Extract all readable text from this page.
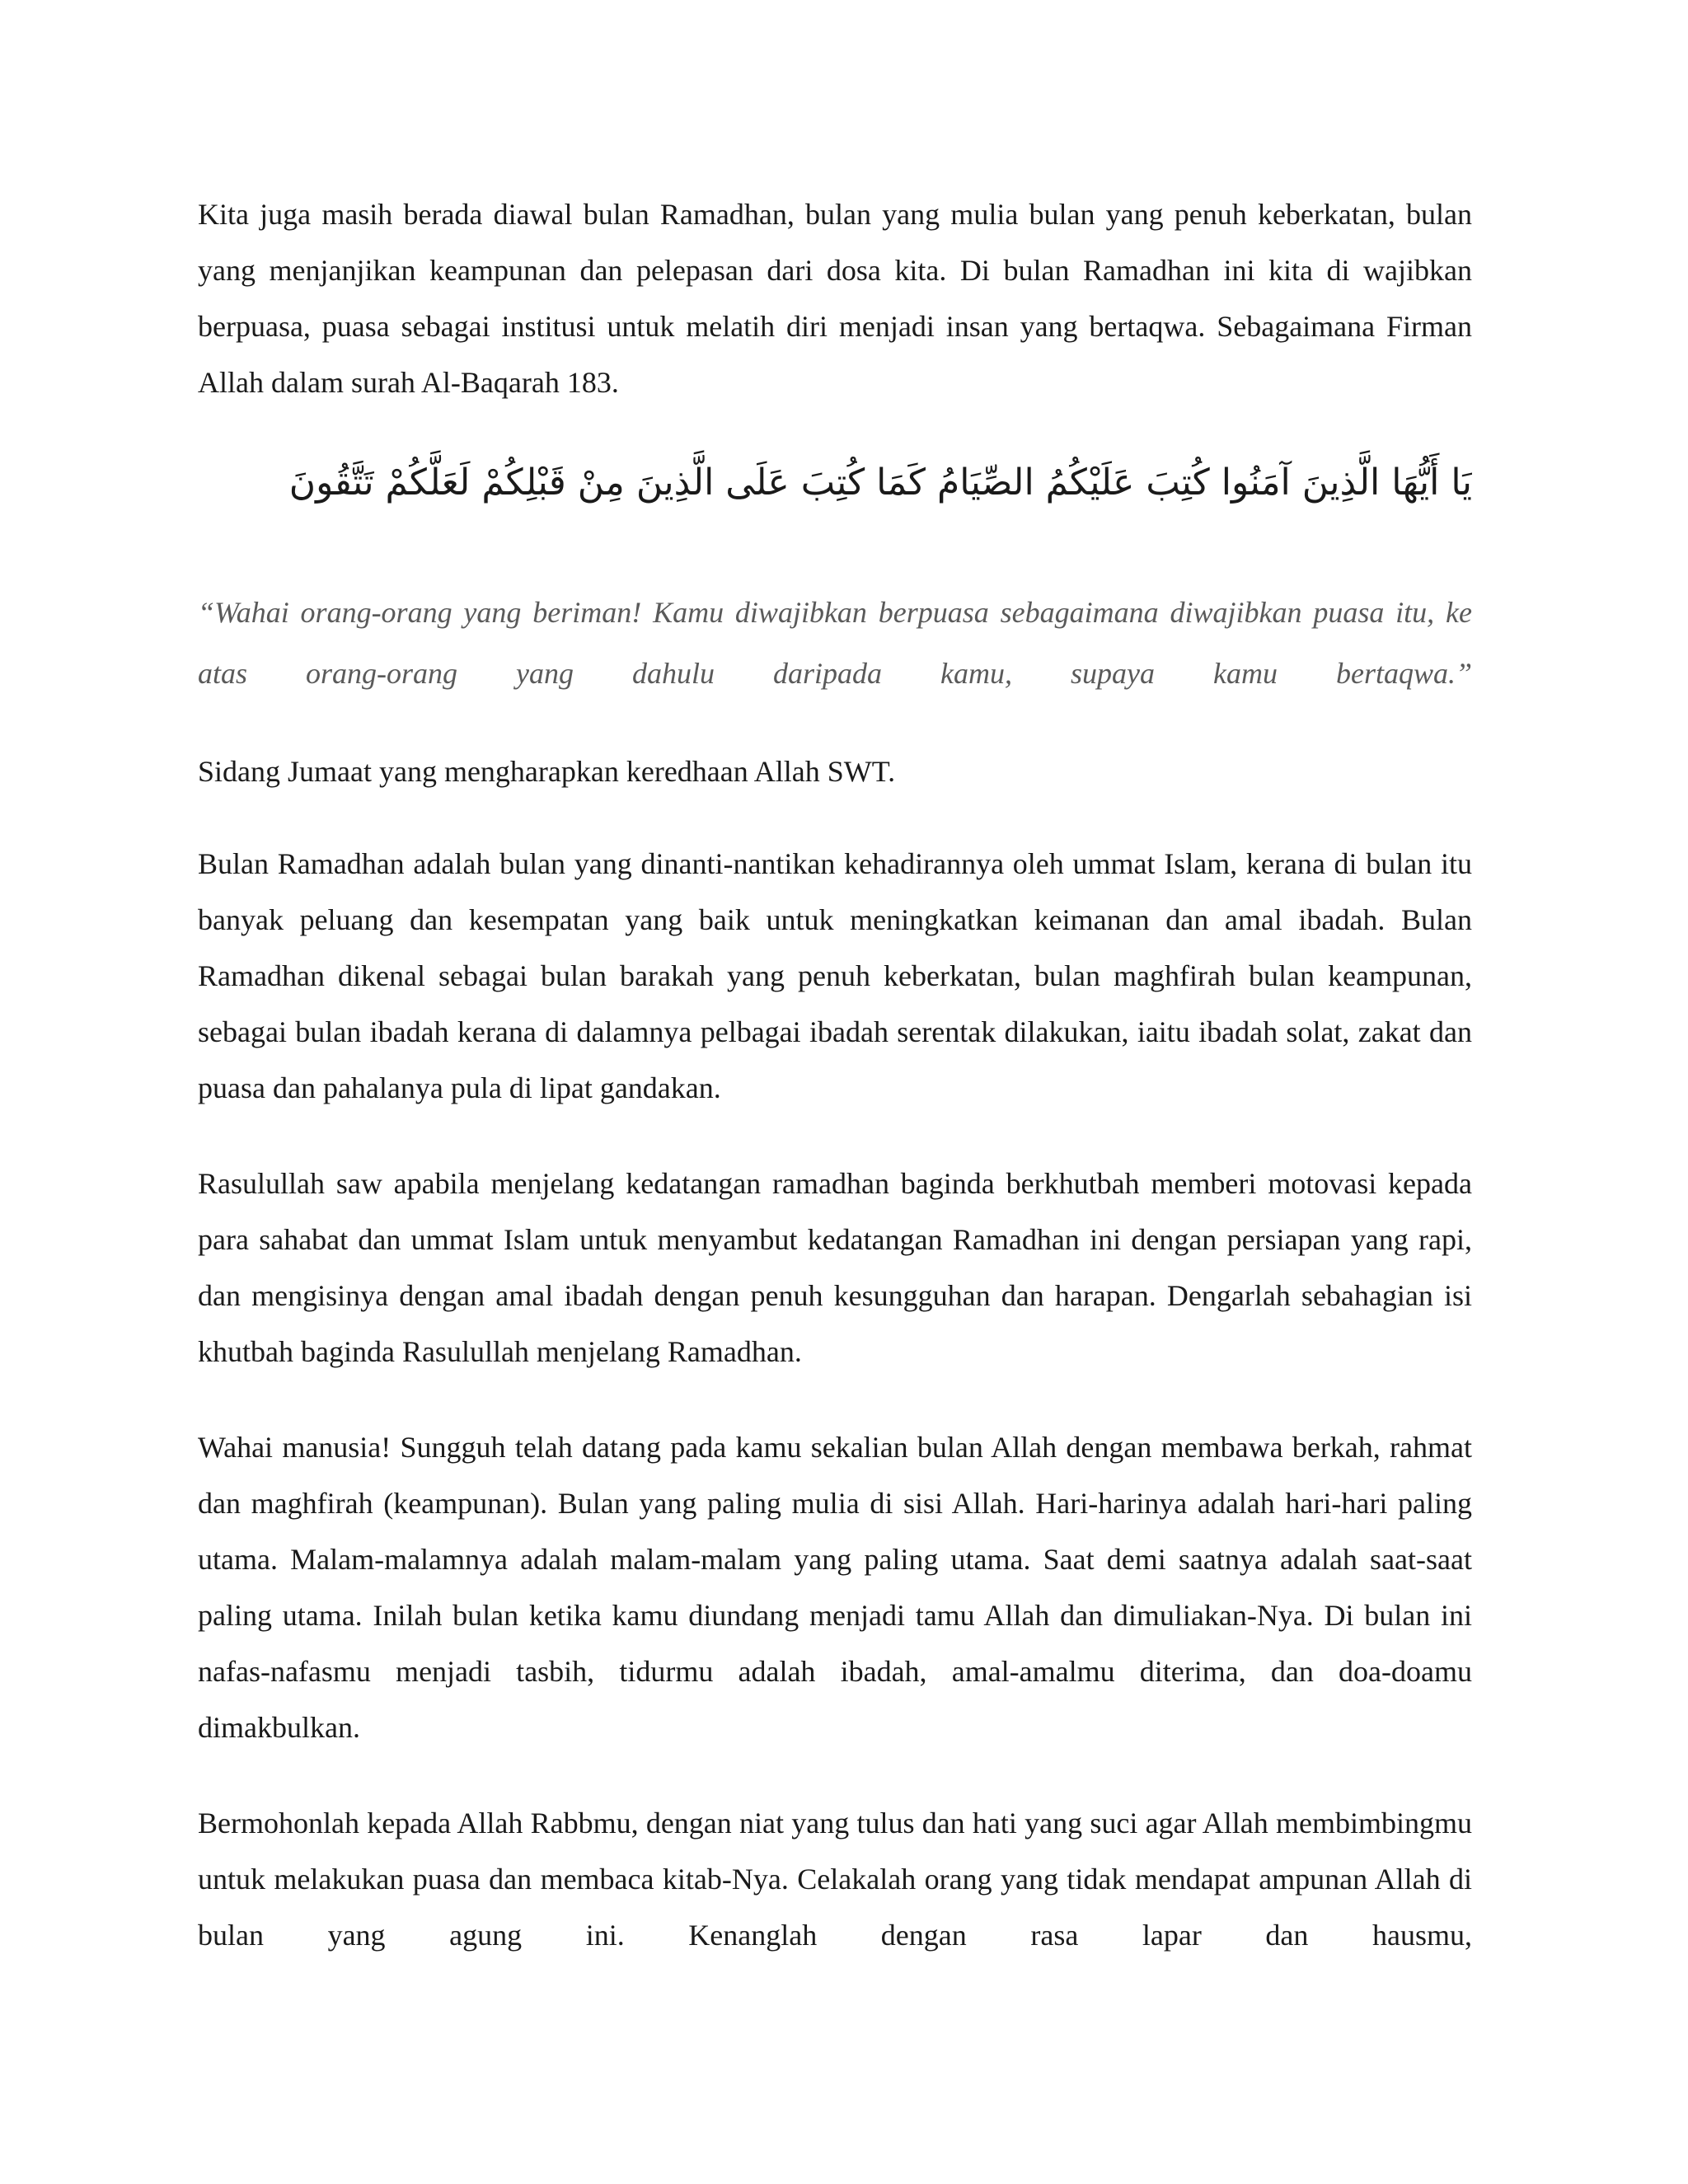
Kita juga masih berada diawal bulan Ramadhan, bulan yang mulia bulan yang penuh keberkatan, bulan yang menjanjikan keampunan dan pelepasan dari dosa kita. Di bulan Ramadhan ini kita di wajibkan berpuasa, puasa sebagai institusi untuk melatih diri menjadi insan yang bertaqwa. Sebagaimana Firman Allah dalam surah Al-Baqarah 183.

يَا أَيُّهَا الَّذِينَ آمَنُوا كُتِبَ عَلَيْكُمُ الصِّيَامُ كَمَا كُتِبَ عَلَى الَّذِينَ مِنْ قَبْلِكُمْ لَعَلَّكُمْ تَتَّقُونَ

“Wahai orang-orang yang beriman! Kamu diwajibkan berpuasa sebagaimana diwajibkan puasa itu, ke atas orang-orang yang dahulu daripada kamu, supaya kamu bertaqwa.”

Sidang Jumaat yang mengharapkan keredhaan Allah SWT.

Bulan Ramadhan adalah bulan yang dinanti-nantikan kehadirannya oleh ummat Islam, kerana di bulan itu banyak peluang dan kesempatan yang baik untuk meningkatkan keimanan dan amal ibadah. Bulan Ramadhan dikenal sebagai bulan barakah yang penuh keberkatan, bulan maghfirah bulan keampunan, sebagai bulan ibadah kerana di dalamnya pelbagai ibadah serentak dilakukan, iaitu ibadah solat, zakat dan puasa dan pahalanya pula di lipat gandakan.

Rasulullah saw apabila menjelang kedatangan ramadhan baginda berkhutbah memberi motovasi kepada para sahabat dan ummat Islam untuk menyambut kedatangan Ramadhan ini dengan persiapan yang rapi, dan mengisinya dengan amal ibadah dengan penuh kesungguhan dan harapan. Dengarlah sebahagian isi khutbah baginda Rasulullah menjelang Ramadhan.

Wahai manusia! Sungguh telah datang pada kamu sekalian bulan Allah dengan membawa berkah, rahmat dan maghfirah (keampunan). Bulan yang paling mulia di sisi Allah. Hari-harinya adalah hari-hari paling utama. Malam-malamnya adalah malam-malam yang paling utama. Saat demi saatnya adalah saat-saat paling utama. Inilah bulan ketika kamu diundang menjadi tamu Allah dan dimuliakan-Nya. Di bulan ini nafas-nafasmu menjadi tasbih, tidurmu adalah ibadah, amal-amalmu diterima, dan doa-doamu dimakbulkan.

Bermohonlah kepada Allah Rabbmu, dengan niat yang tulus dan hati yang suci agar Allah membimbingmu untuk melakukan puasa dan membaca kitab-Nya. Celakalah orang yang tidak mendapat ampunan Allah di bulan yang agung ini. Kenanglah dengan rasa lapar dan hausmu,
